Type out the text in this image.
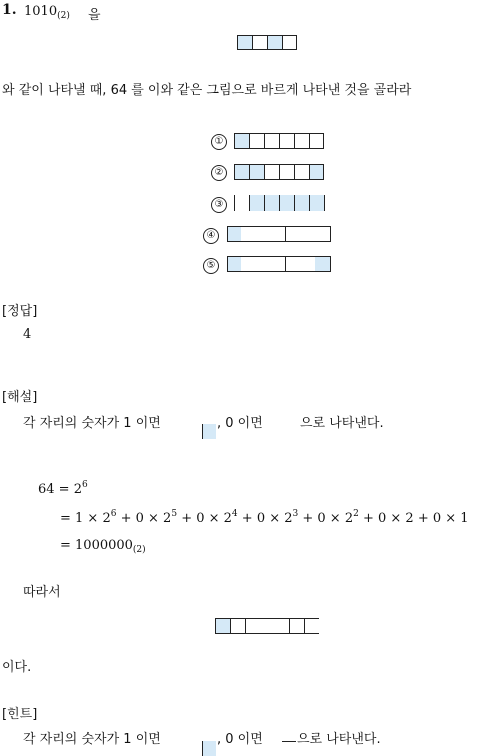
1. $1010_{(2)}$ 을
와 같이 나타낼 때, 64 를 이와 같은 그림으로 바르게 나타낸 것을 골라라
①
②
③
④
⑤
[정답]
4
[해설]
각 자리의 숫자가 1 이면	, 0 이면	으로 나타낸다.
$64 = 2^6$
= $1 \times 2^6 + 0 \times 2^5 + 0 \times 2^4 + 0 \times 2^3 + 0 \times 2^2 + 0 \times 2 + 0 \times 1$
= $1000000_{(2)}$
따라서
이다.
[힌트]
각 자리의 숫자가 1 이면	, 0 이면	으로 나타낸다.
